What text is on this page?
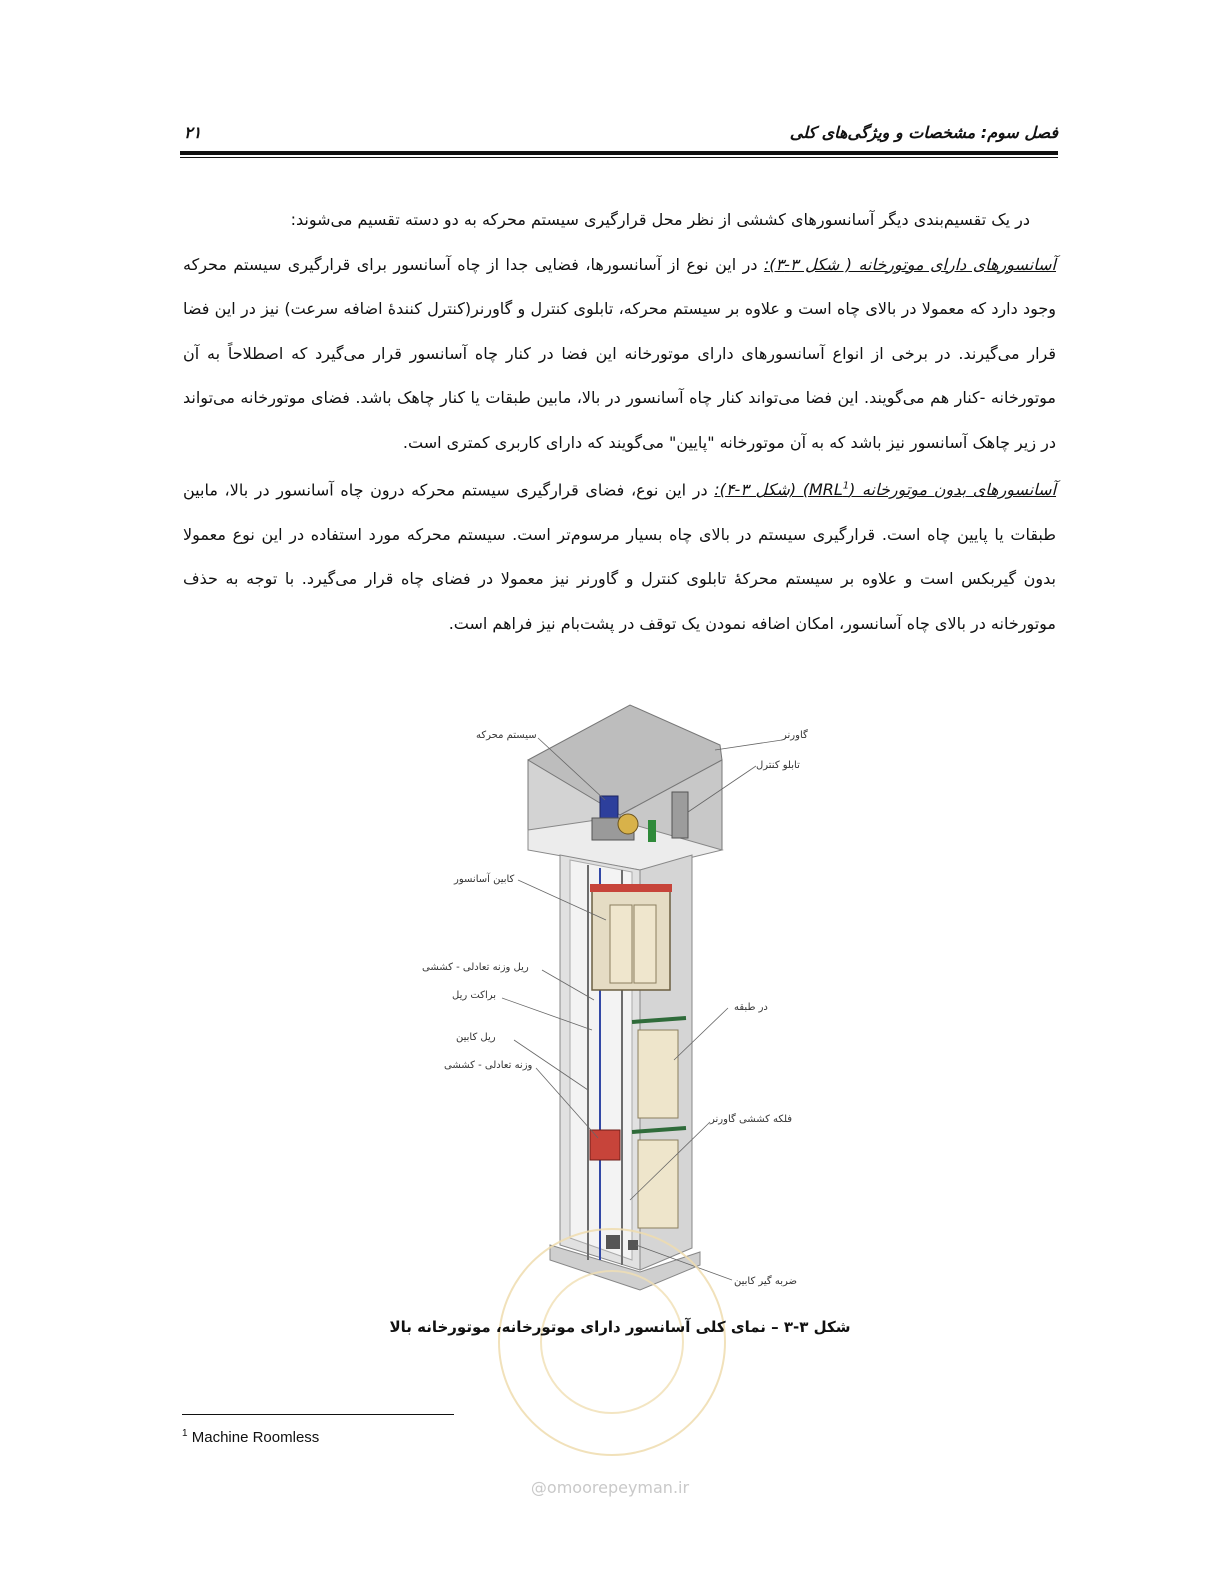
فصل سوم: مشخصات و ویژگی‌های کلی
۲۱

در یک تقسیم‌بندی دیگر آسانسورهای کششی از نظر محل قرارگیری سیستم محرکه به دو دسته تقسیم می‌شوند:

آسانسورهای دارای موتورخانه ( شکل ۳-۳): در این نوع از آسانسورها، فضایی جدا از چاه آسانسور برای قرارگیری سیستم محرکه وجود دارد که معمولا در بالای چاه است و علاوه بر سیستم محرکه، تابلوی کنترل و گاورنر(کنترل کنندهٔ اضافه سرعت) نیز در این فضا قرار می‌گیرند. در برخی از انواع آسانسورهای دارای موتورخانه این فضا در کنار چاه آسانسور قرار می‌گیرد که اصطلاحاً به آن موتورخانه -کنار هم می‌گویند. این فضا می‌تواند کنار چاه آسانسور در بالا، مابین طبقات یا کنار چاهک باشد. فضای موتورخانه می‌تواند در زیر چاهک آسانسور نیز باشد که به آن موتورخانه "پایین" می‌گویند که دارای کاربری کمتری است.

آسانسورهای بدون موتورخانه (MRL$^1$) (شکل ۳-۴): در این نوع، فضای قرارگیری سیستم محرکه درون چاه آسانسور در بالا، مابین طبقات یا پایین چاه است. قرارگیری سیستم در بالای چاه بسیار مرسوم‌تر است. سیستم محرکه مورد استفاده در این نوع معمولا بدون گیربکس است و علاوه بر سیستم محرکهٔ تابلوی کنترل و گاورنر نیز معمولا در فضای چاه قرار می‌گیرد. با توجه به حذف موتورخانه در بالای چاه آسانسور، امکان اضافه نمودن یک توقف در پشت‌بام نیز فراهم است.

سیستم محرکه	گاورنر
تابلو کنترل
کابین آسانسور
ریل وزنه تعادلی - کششی
براکت ریل
ریل کابین
وزنه تعادلی - کششی
در طبقه
فلکه کششی گاورنر
ضربه گیر کابین
شکل ۳-۳ – نمای کلی آسانسور دارای موتورخانه، موتورخانه بالا
@omoorepeyman.ir
$^1$ Machine Roomless
